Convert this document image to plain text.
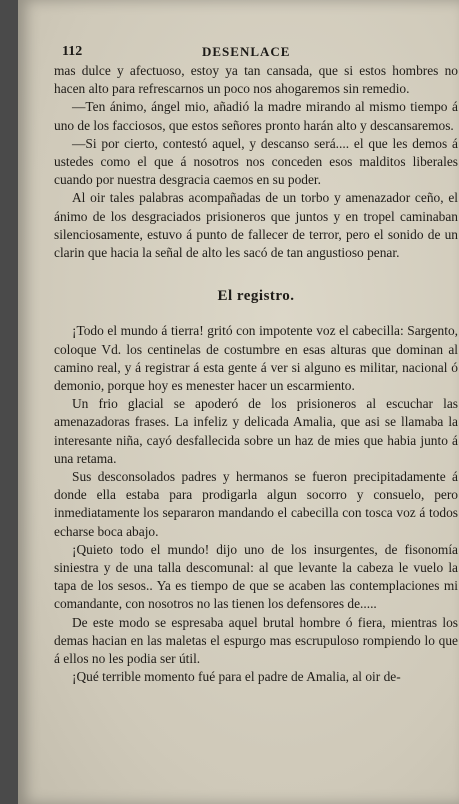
112	DESENLACE

mas dulce y afectuoso, estoy ya tan cansada, que si estos hombres no hacen alto para refrescarnos un poco nos ahogaremos sin remedio.

—Ten ánimo, ángel mio, añadió la madre mirando al mismo tiempo á uno de los facciosos, que estos señores pronto harán alto y descansaremos.

—Si por cierto, contestó aquel, y descanso será.... el que les demos á ustedes como el que á nosotros nos conceden esos malditos liberales cuando por nuestra desgracia caemos en su poder.

Al oir tales palabras acompañadas de un torbo y amenazador ceño, el ánimo de los desgraciados prisioneros que juntos y en tropel caminaban silenciosamente, estuvo á punto de fallecer de terror, pero el sonido de un clarin que hacia la señal de alto les sacó de tan angustioso penar.

El registro.

¡Todo el mundo á tierra! gritó con impotente voz el cabecilla: Sargento, coloque Vd. los centinelas de costumbre en esas alturas que dominan al camino real, y á registrar á esta gente á ver si alguno es militar, nacional ó demonio, porque hoy es menester hacer un escarmiento.

Un frio glacial se apoderó de los prisioneros al escuchar las amenazadoras frases. La infeliz y delicada Amalia, que asi se llamaba la interesante niña, cayó desfallecida sobre un haz de mies que habia junto á una retama.

Sus desconsolados padres y hermanos se fueron precipitadamente á donde ella estaba para prodigarla algun socorro y consuelo, pero inmediatamente los separaron mandando el cabecilla con tosca voz á todos echarse boca abajo.

¡Quieto todo el mundo! dijo uno de los insurgentes, de fisonomía siniestra y de una talla descomunal: al que levante la cabeza le vuelo la tapa de los sesos.. Ya es tiempo de que se acaben las contemplaciones mi comandante, con nosotros no las tienen los defensores de.....

De este modo se espresaba aquel brutal hombre ó fiera, mientras los demas hacian en las maletas el espurgo mas escrupuloso rompiendo lo que á ellos no les podia ser útil.

¡Qué terrible momento fué para el padre de Amalia, al oir de-
